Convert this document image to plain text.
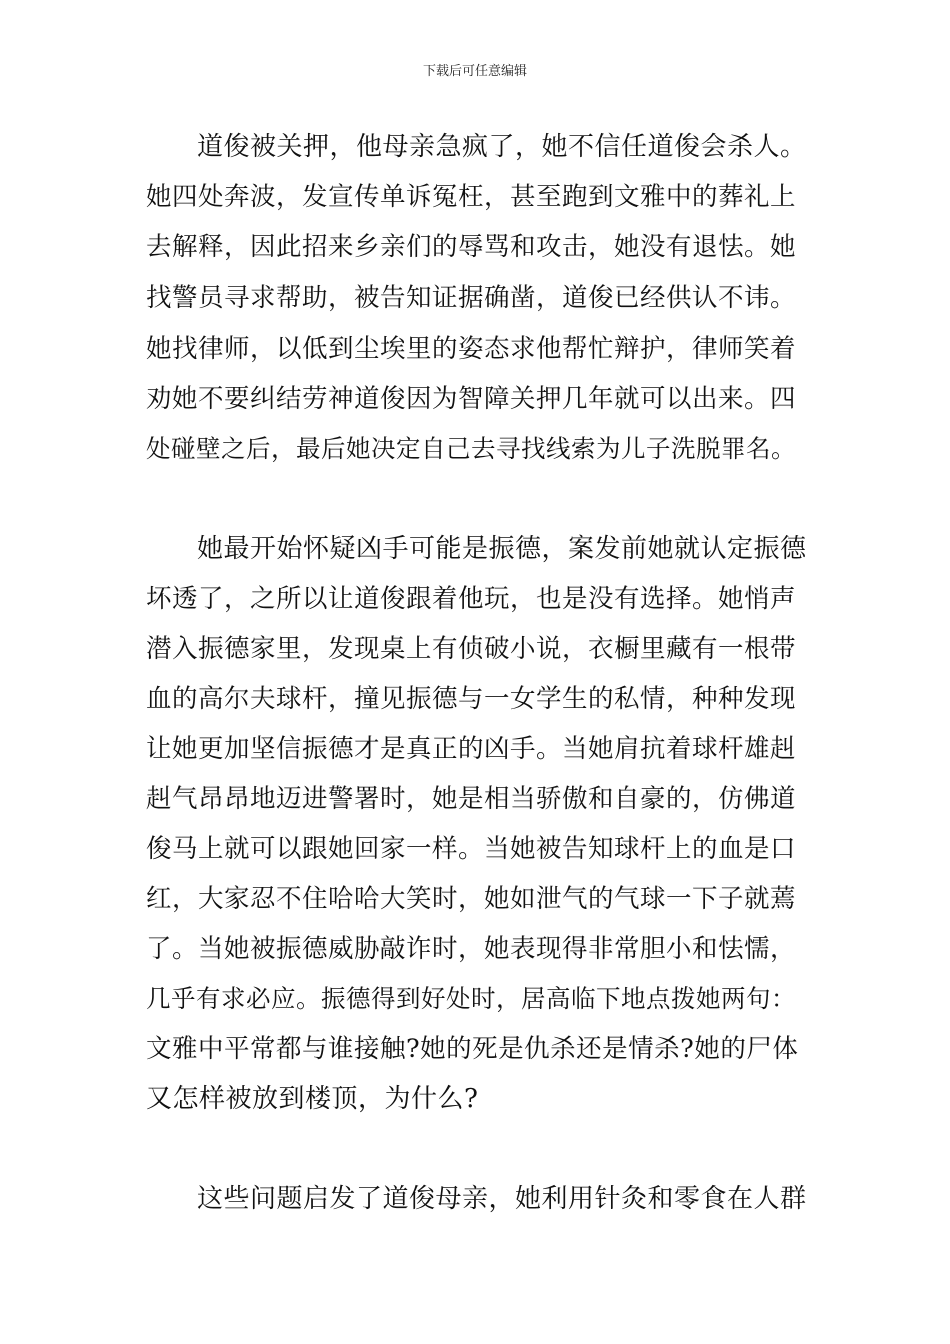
下载后可任意编辑
道俊被关押，他母亲急疯了，她不信任道俊会杀人。
她四处奔波，发宣传单诉冤枉，甚至跑到文雅中的葬礼上
去解释，因此招来乡亲们的辱骂和攻击，她没有退怯。她
找警员寻求帮助，被告知证据确凿，道俊已经供认不讳。
她找律师，以低到尘埃里的姿态求他帮忙辩护，律师笑着
劝她不要纠结劳神道俊因为智障关押几年就可以出来。四
处碰壁之后，最后她决定自己去寻找线索为儿子洗脱罪名。
她最开始怀疑凶手可能是振德，案发前她就认定振德
坏透了，之所以让道俊跟着他玩，也是没有选择。她悄声
潜入振德家里，发现桌上有侦破小说，衣橱里藏有一根带
血的高尔夫球杆，撞见振德与一女学生的私情，种种发现
让她更加坚信振德才是真正的凶手。当她肩抗着球杆雄赳
赳气昂昂地迈进警署时，她是相当骄傲和自豪的，仿佛道
俊马上就可以跟她回家一样。当她被告知球杆上的血是口
红，大家忍不住哈哈大笑时，她如泄气的气球一下子就蔫
了。当她被振德威胁敲诈时，她表现得非常胆小和怯懦，
几乎有求必应。振德得到好处时，居高临下地点拨她两句：
文雅中平常都与谁接触?她的死是仇杀还是情杀?她的尸体
又怎样被放到楼顶，为什么?
这些问题启发了道俊母亲，她利用针灸和零食在人群
